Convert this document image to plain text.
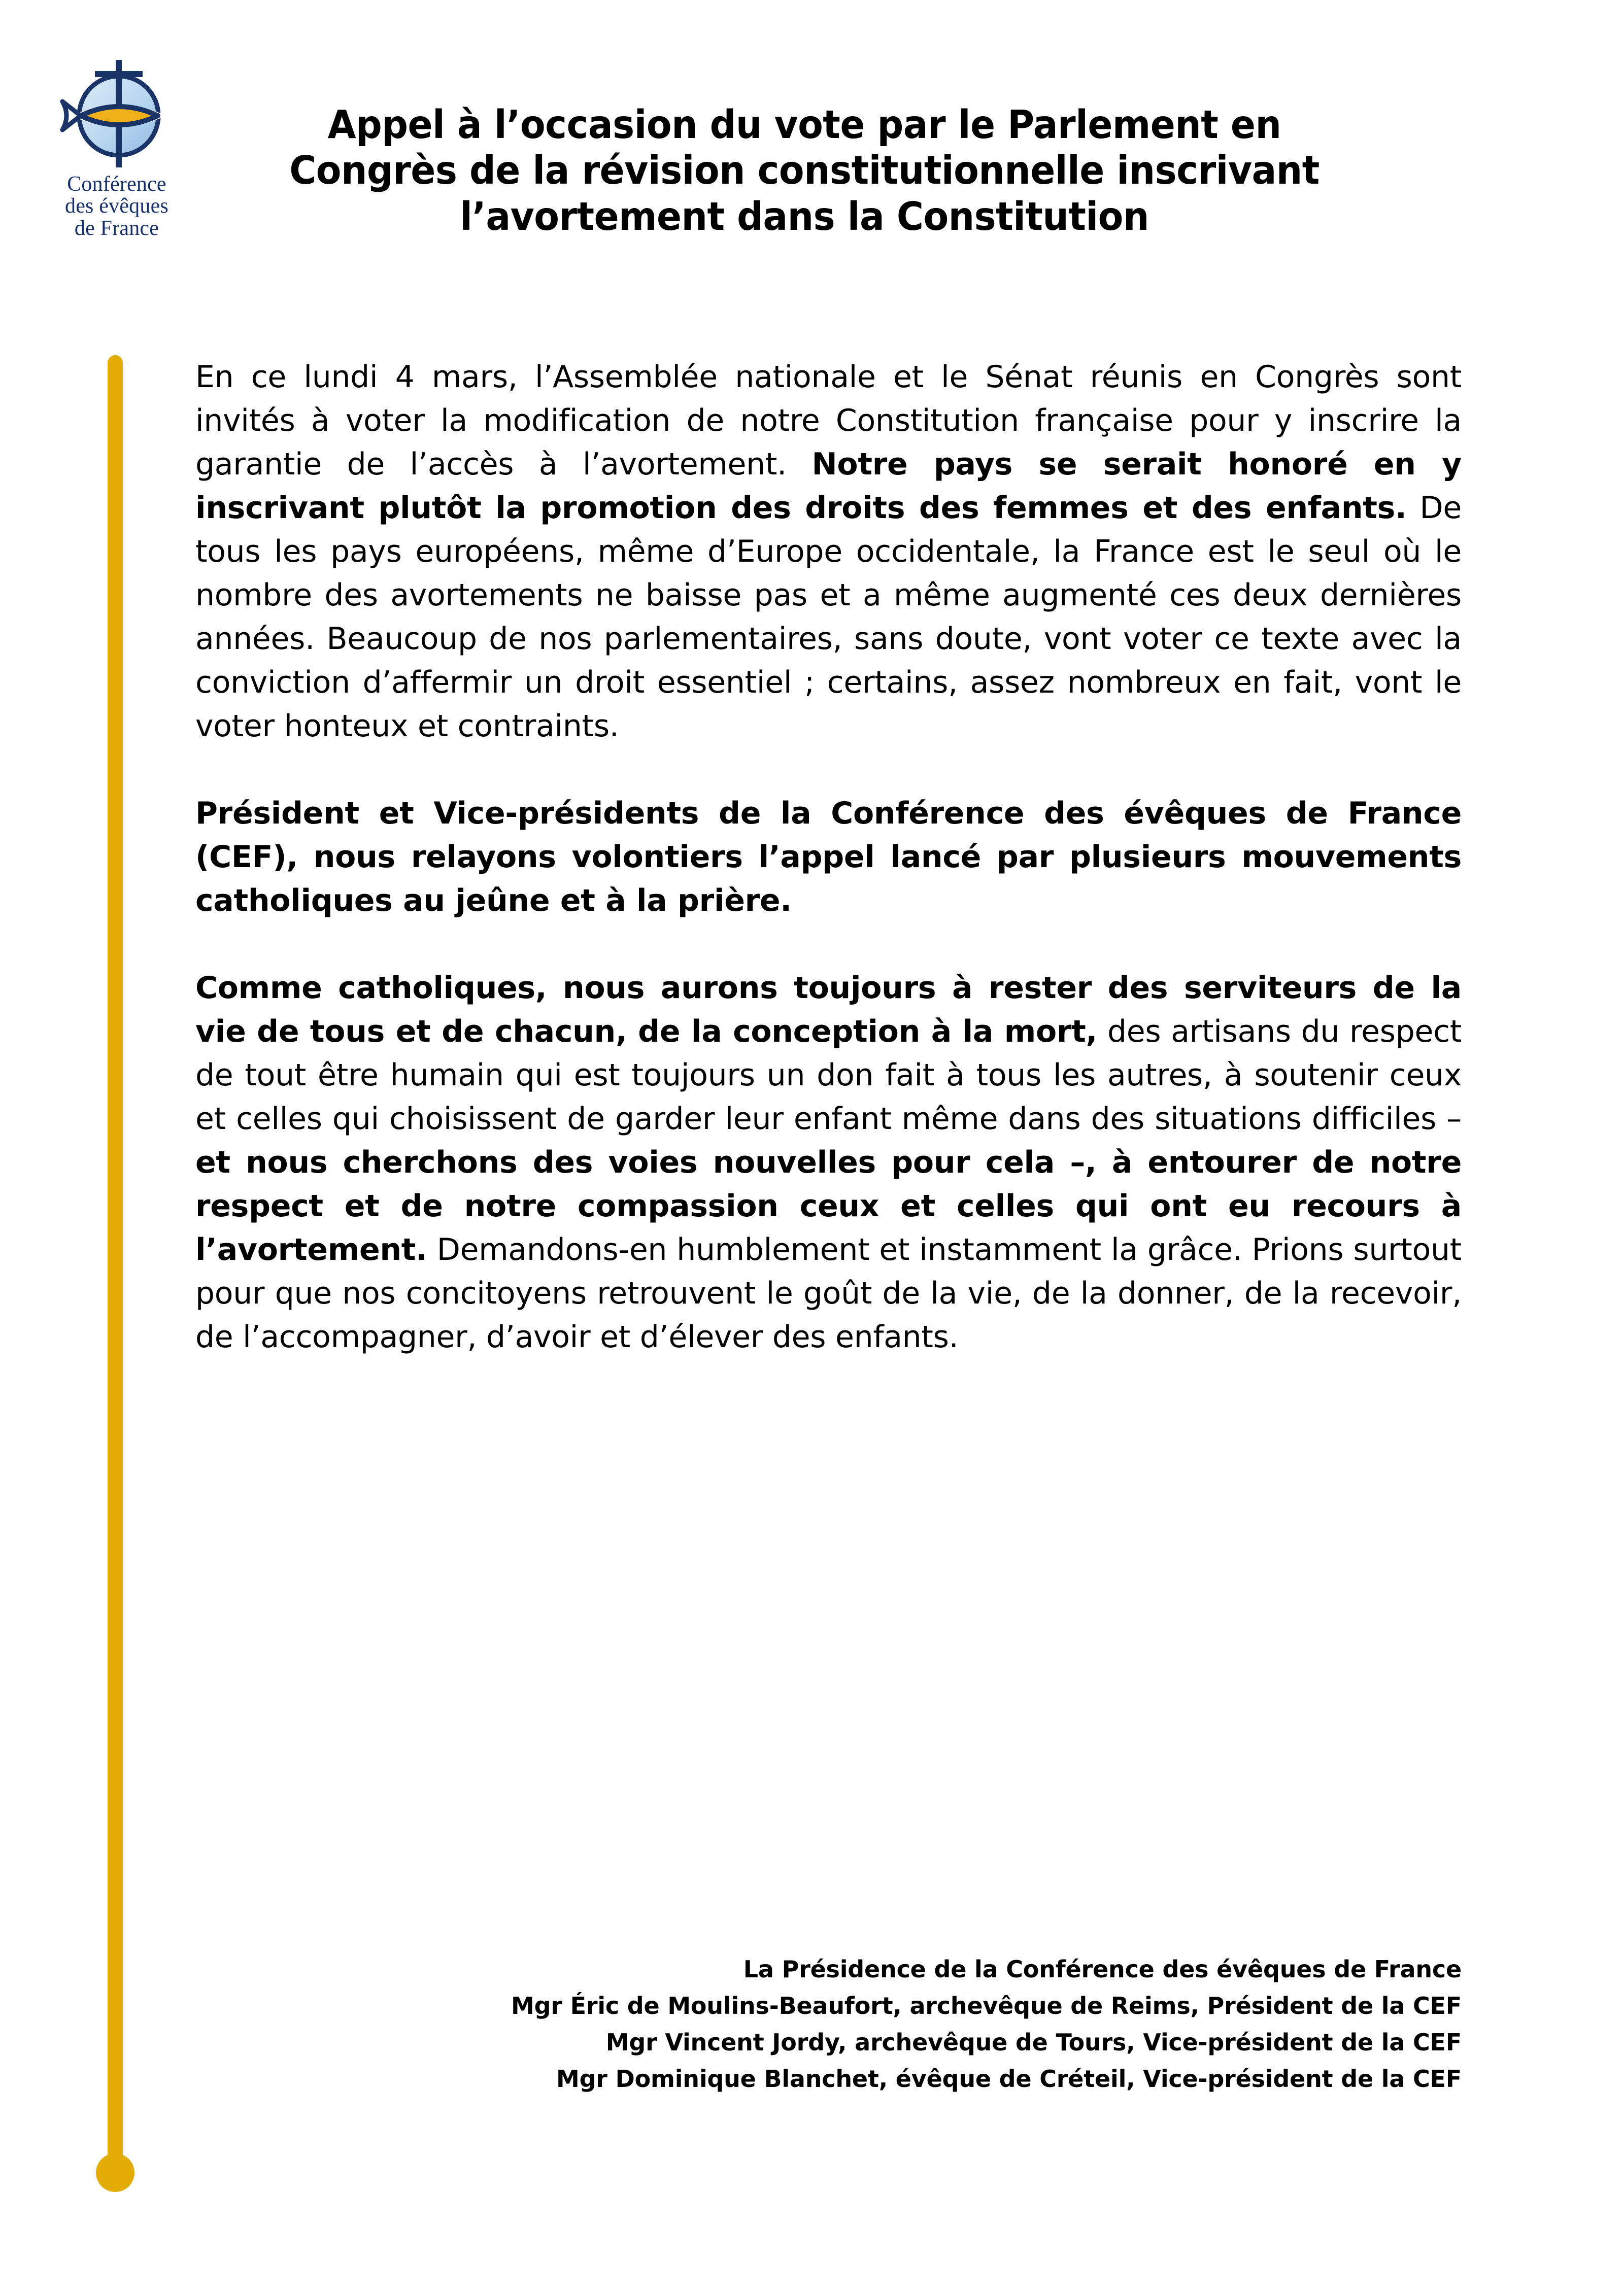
Conférence
des évêques
de France
Appel à l’occasion du vote par le Parlement en Congrès de la révision constitutionnelle inscrivant l’avortement dans la Constitution

En ce lundi 4 mars, l’Assemblée nationale et le Sénat réunis en Congrès sont invités à voter la modification de notre Constitution française pour y inscrire la garantie de l’accès à l’avortement. Notre pays se serait honoré en y inscrivant plutôt la promotion des droits des femmes et des enfants. De tous les pays européens, même d’Europe occidentale, la France est le seul où le nombre des avortements ne baisse pas et a même augmenté ces deux dernières années. Beaucoup de nos parlementaires, sans doute, vont voter ce texte avec la conviction d’affermir un droit essentiel ; certains, assez nombreux en fait, vont le voter honteux et contraints.

Président et Vice-présidents de la Conférence des évêques de France (CEF), nous relayons volontiers l’appel lancé par plusieurs mouvements catholiques au jeûne et à la prière.

Comme catholiques, nous aurons toujours à rester des serviteurs de la vie de tous et de chacun, de la conception à la mort, des artisans du respect de tout être humain qui est toujours un don fait à tous les autres, à soutenir ceux et celles qui choisissent de garder leur enfant même dans des situations difficiles – et nous cherchons des voies nouvelles pour cela –, à entourer de notre respect et de notre compassion ceux et celles qui ont eu recours à l’avortement. Demandons-en humblement et instamment la grâce. Prions surtout pour que nos concitoyens retrouvent le goût de la vie, de la donner, de la recevoir, de l’accompagner, d’avoir et d’élever des enfants.

La Présidence de la Conférence des évêques de France
Mgr Éric de Moulins-Beaufort, archevêque de Reims, Président de la CEF
Mgr Vincent Jordy, archevêque de Tours, Vice-président de la CEF
Mgr Dominique Blanchet, évêque de Créteil, Vice-président de la CEF
